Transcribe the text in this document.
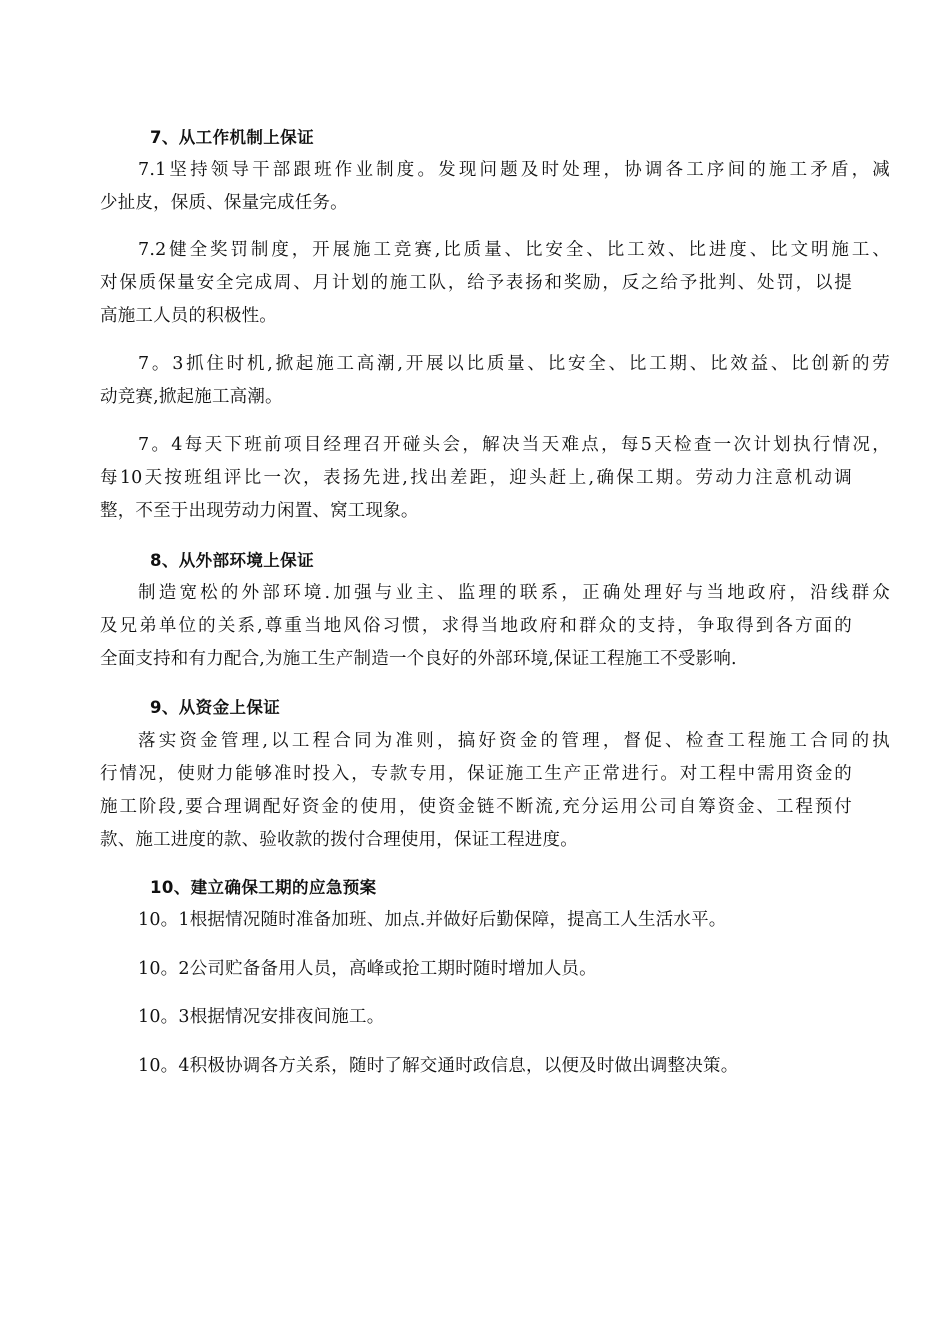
7、从工作机制上保证
7.1坚持领导干部跟班作业制度。发现问题及时处理，协调各工序间的施工矛盾，减
少扯皮，保质、保量完成任务。
7.2健全奖罚制度，开展施工竞赛,比质量、比安全、比工效、比进度、比文明施工、
对保质保量安全完成周、月计划的施工队，给予表扬和奖励，反之给予批判、处罚，以提
高施工人员的积极性。
7。3抓住时机,掀起施工高潮,开展以比质量、比安全、比工期、比效益、比创新的劳
动竞赛,掀起施工高潮。
7。4每天下班前项目经理召开碰头会，解决当天难点，每5天检查一次计划执行情况，
每10天按班组评比一次，表扬先进,找出差距，迎头赶上,确保工期。劳动力注意机动调
整，不至于出现劳动力闲置、窝工现象。
8、从外部环境上保证
制造宽松的外部环境.加强与业主、监理的联系，正确处理好与当地政府，沿线群众
及兄弟单位的关系,尊重当地风俗习惯，求得当地政府和群众的支持，争取得到各方面的
全面支持和有力配合,为施工生产制造一个良好的外部环境,保证工程施工不受影响.
9、从资金上保证
落实资金管理,以工程合同为准则，搞好资金的管理，督促、检查工程施工合同的执
行情况，使财力能够准时投入，专款专用，保证施工生产正常进行。对工程中需用资金的
施工阶段,要合理调配好资金的使用，使资金链不断流,充分运用公司自筹资金、工程预付
款、施工进度的款、验收款的拨付合理使用，保证工程进度。
10、建立确保工期的应急预案
10。1根据情况随时准备加班、加点.并做好后勤保障，提高工人生活水平。
10。2公司贮备备用人员，高峰或抢工期时随时增加人员。
10。3根据情况安排夜间施工。
10。4积极协调各方关系，随时了解交通时政信息，以便及时做出调整决策。
